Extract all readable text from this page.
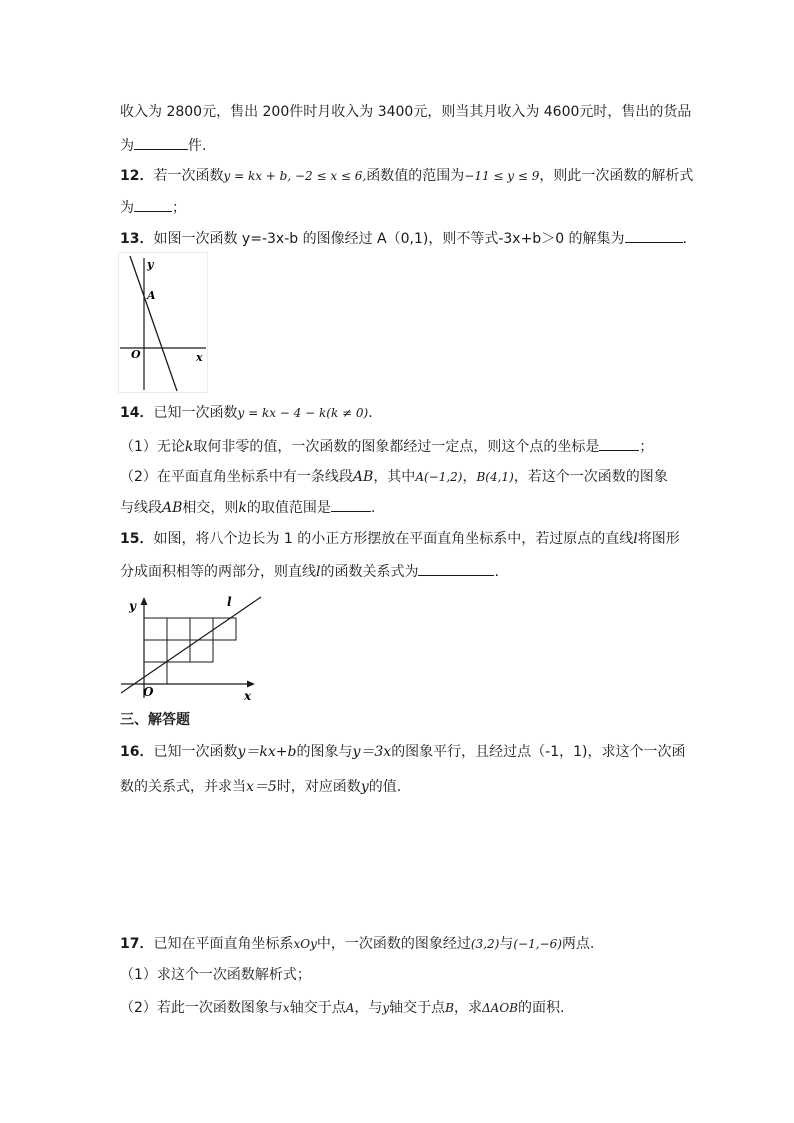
收入为 2800元，售出 200件时月收入为 3400元，则当其月收入为 4600元时，售出的货品
为	件.
12．若一次函数y = kx + b, −2 ≤ x ≤ 6,函数值的范围为−11 ≤ y ≤ 9，则此一次函数的解析式
为	；
13．如图一次函数 y=-3x-b 的图像经过 A（0,1)，则不等式-3x+b＞0 的解集为	.
y
A
O	x
14．已知一次函数y = kx − 4 − k(k ≠ 0).
（1）无论k取何非零的值，一次函数的图象都经过一定点，则这个点的坐标是	；
（2）在平面直角坐标系中有一条线段AB，其中A(−1,2)，B(4,1)，若这个一次函数的图象
与线段AB相交，则k的取值范围是	.
15．如图，将八个边长为 1 的小正方形摆放在平面直角坐标系中，若过原点的直线l将图形
分成面积相等的两部分，则直线l的函数关系式为	.
y	l
O	x
三、解答题
16．已知一次函数y＝kx+b的图象与y＝3x的图象平行，且经过点（-1，1)，求这个一次函
数的关系式，并求当x＝5时，对应函数y的值.
17．已知在平面直角坐标系xOy中，一次函数的图象经过(3,2)与(−1,−6)两点.
（1）求这个一次函数解析式；
（2）若此一次函数图象与x轴交于点A，与y轴交于点B，求ΔAOB的面积.
